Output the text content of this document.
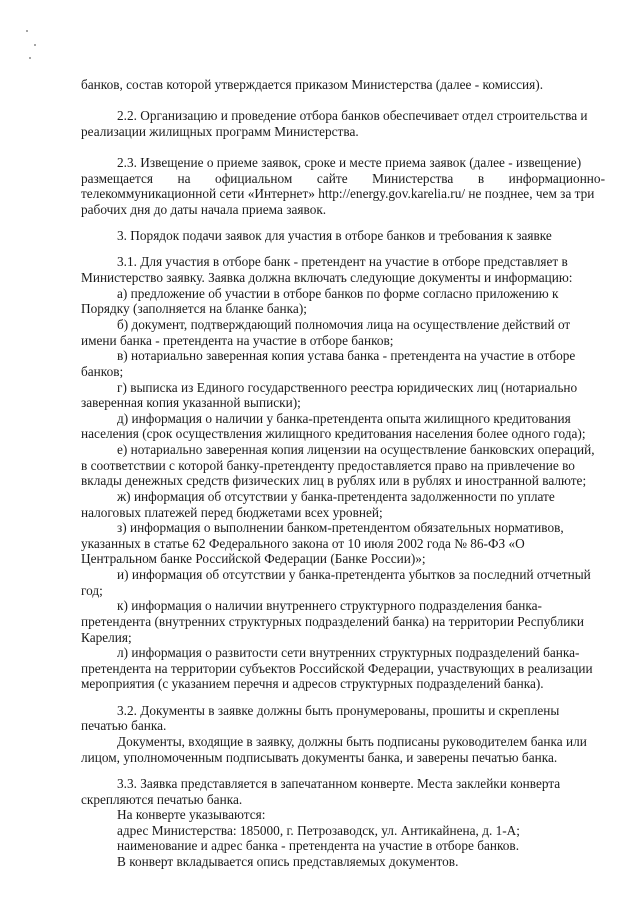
банков, состав которой утверждается приказом Министерства (далее - комиссия).
2.2. Организацию и проведение отбора банков обеспечивает отдел строительства и
реализации жилищных программ Министерства.
2.3. Извещение о приеме заявок, сроке и месте приема заявок (далее - извещение)
размещается на официальном сайте Министерства в информационно-
телекоммуникационной сети «Интернет» http://energy.gov.karelia.ru/ не позднее, чем за три
рабочих дня до даты начала приема заявок.
3. Порядок подачи заявок для участия в отборе банков и требования к заявке
3.1. Для участия в отборе банк - претендент на участие в отборе представляет в
Министерство заявку. Заявка должна включать следующие документы и информацию:
а) предложение об участии в отборе банков по форме согласно приложению к
Порядку (заполняется на бланке банка);
б) документ, подтверждающий полномочия лица на осуществление действий от
имени банка - претендента на участие в отборе банков;
в) нотариально заверенная копия устава банка - претендента на участие в отборе
банков;
г) выписка из Единого государственного реестра юридических лиц (нотариально
заверенная копия указанной выписки);
д) информация о наличии у банка-претендента опыта жилищного кредитования
населения (срок осуществления жилищного кредитования населения более одного года);
е) нотариально заверенная копия лицензии на осуществление банковских операций,
в соответствии с которой банку-претенденту предоставляется право на привлечение во
вклады денежных средств физических лиц в рублях или в рублях и иностранной валюте;
ж) информация об отсутствии у банка-претендента задолженности по уплате
налоговых платежей перед бюджетами всех уровней;
з) информация о выполнении банком-претендентом обязательных нормативов,
указанных в статье 62 Федерального закона от 10 июля 2002 года № 86-ФЗ «О
Центральном банке Российской Федерации (Банке России)»;
и) информация об отсутствии у банка-претендента убытков за последний отчетный
год;
к) информация о наличии внутреннего структурного подразделения банка-
претендента (внутренних структурных подразделений банка) на территории Республики
Карелия;
л) информация о развитости сети внутренних структурных подразделений банка-
претендента на территории субъектов Российской Федерации, участвующих в реализации
мероприятия (с указанием перечня и адресов структурных подразделений банка).
3.2. Документы в заявке должны быть пронумерованы, прошиты и скреплены
печатью банка.
Документы, входящие в заявку, должны быть подписаны руководителем банка или
лицом, уполномоченным подписывать документы банка, и заверены печатью банка.
3.3. Заявка представляется в запечатанном конверте. Места заклейки конверта
скрепляются печатью банка.
На конверте указываются:
адрес Министерства: 185000, г. Петрозаводск, ул. Антикайнена, д. 1-А;
наименование и адрес банка - претендента на участие в отборе банков.
В конверт вкладывается опись представляемых документов.
